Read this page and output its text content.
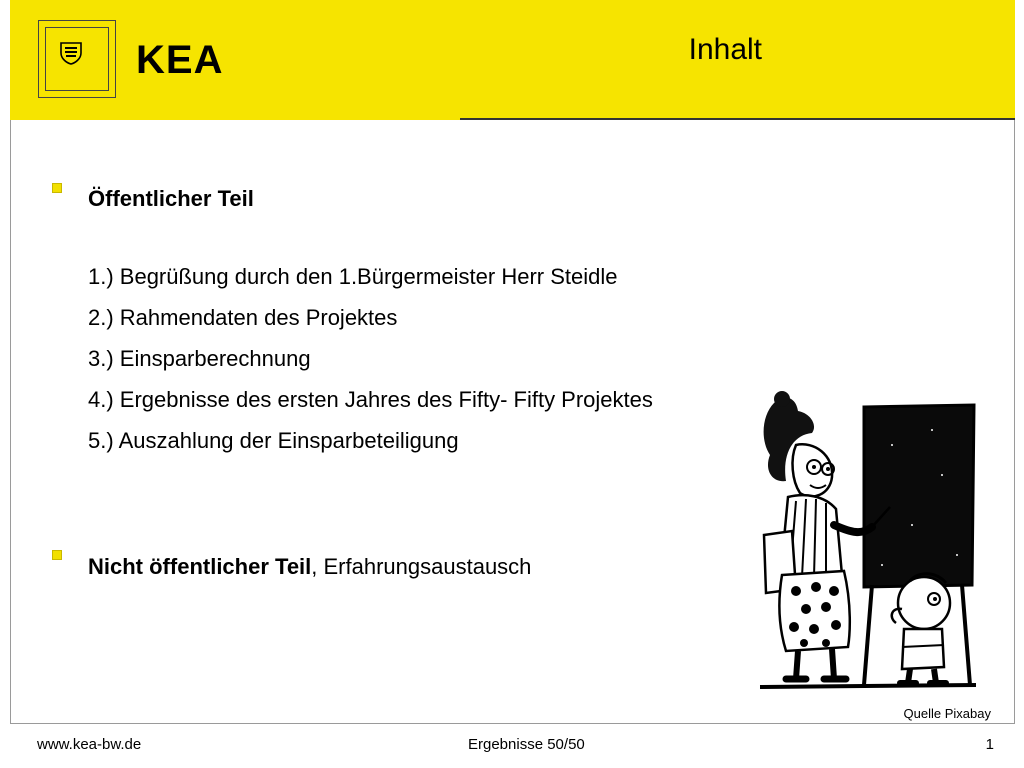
KEA	Inhalt
Öffentlicher Teil
1.) Begrüßung durch den 1.Bürgermeister Herr Steidle
2.) Rahmendaten des Projektes
3.) Einsparberechnung
4.) Ergebnisse des ersten Jahres des Fifty- Fifty Projektes
5.) Auszahlung der Einsparbeteiligung
Nicht öffentlicher Teil, Erfahrungsaustausch
Quelle Pixabay
www.kea-bw.de	Ergebnisse 50/50	1
